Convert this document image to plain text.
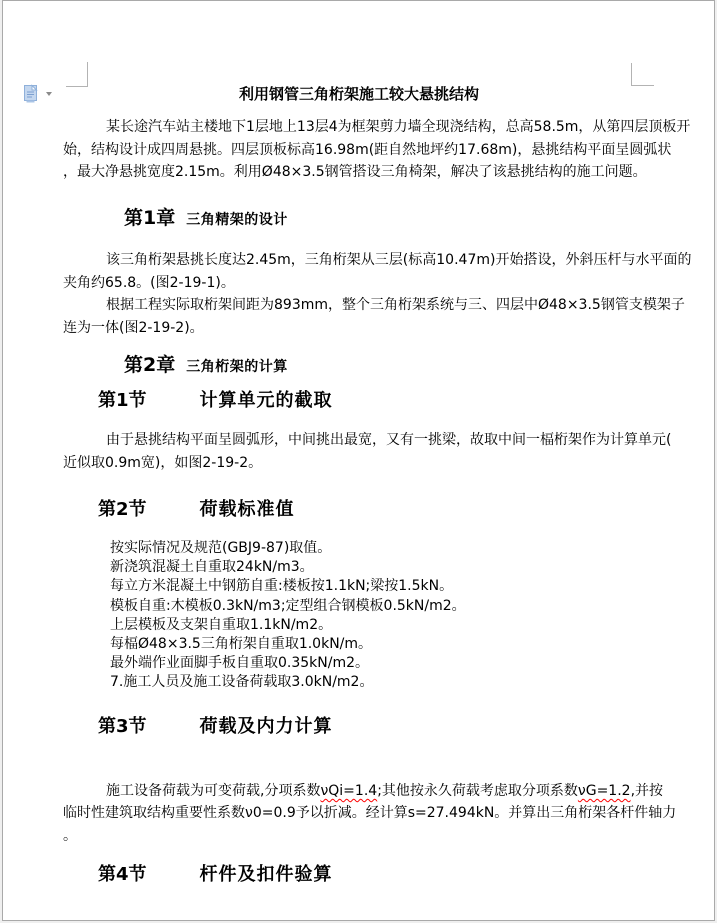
利用钢管三角桁架施工较大悬挑结构
某长途汽车站主楼地下1层地上13层4为框架剪力墙全现浇结构，总高58.5m，从第四层顶板开
始，结构设计成四周悬挑。四层顶板标高16.98m(距自然地坪约17.68m)，悬挑结构平面呈圆弧状
，最大净悬挑宽度2.15m。利用Ø48×3.5钢管搭设三角椅架，解决了该悬挑结构的施工问题。
第1章 三角精架的设计
该三角桁架悬挑长度达2.45m，三角桁架从三层(标高10.47m)开始搭设，外斜压杆与水平面的
夹角约65.8。(图2-19-1)。
根据工程实际取桁架间距为893mm，整个三角桁架系统与三、四层中Ø48×3.5钢管支模架子
连为一体(图2-19-2)。
第2章 三角桁架的计算
第1节	计算单元的截取
由于悬挑结构平面呈圆弧形，中间挑出最宽，又有一挑梁，故取中间一楅桁架作为计算单元(
近似取0.9m宽)，如图2-19-2。
第2节	荷载标准值
按实际情况及规范(GBJ9-87)取值。
新浇筑混凝土自重取24kN/m3。
每立方米混凝土中钢筋自重:楼板按1.1kN;梁按1.5kN。
模板自重:木模板0.3kN/m3;定型组合钢模板0.5kN/m2。
上层模板及支架自重取1.1kN/m2。
每楅Ø48×3.5三角桁架自重取1.0kN/m。
最外端作业面脚手板自重取0.35kN/m2。
7.施工人员及施工设备荷载取3.0kN/m2。
第3节	荷载及内力计算
施工设备荷载为可变荷载,分项系数νQi=1.4;其他按永久荷载考虑取分项系数νG=1.2,并按
临时性建筑取结构重要性系数ν0=0.9予以折减。经计算s=27.494kN。并算出三角桁架各杆件轴力
。
第4节	杆件及扣件验算
